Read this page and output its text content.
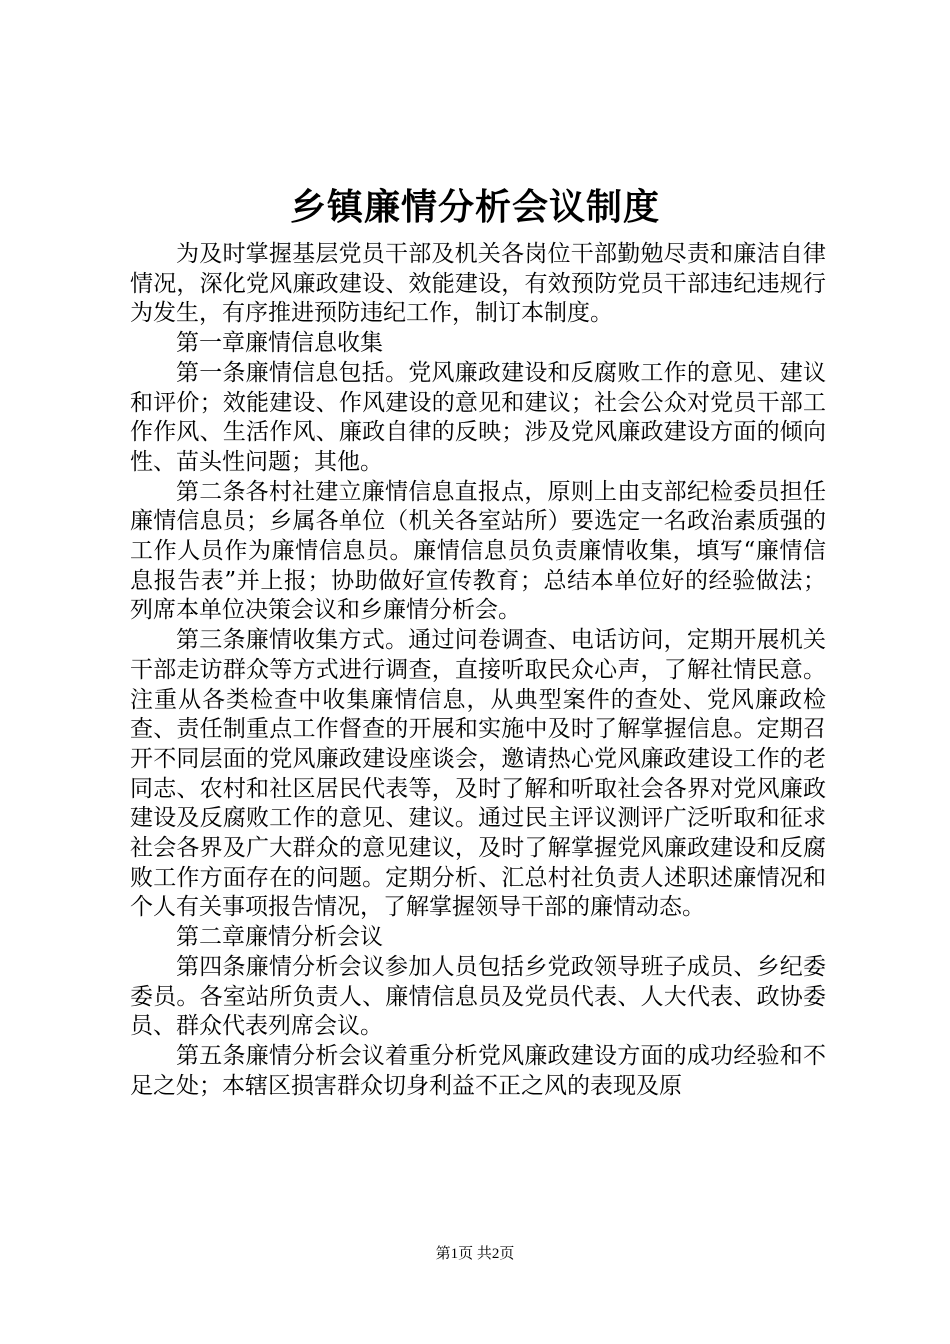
乡镇廉情分析会议制度

为及时掌握基层党员干部及机关各岗位干部勤勉尽责和廉洁自律情况，深化党风廉政建设、效能建设，有效预防党员干部违纪违规行为发生，有序推进预防违纪工作，制订本制度。

第一章廉情信息收集

第一条廉情信息包括。党风廉政建设和反腐败工作的意见、建议和评价；效能建设、作风建设的意见和建议；社会公众对党员干部工作作风、生活作风、廉政自律的反映；涉及党风廉政建设方面的倾向性、苗头性问题；其他。

第二条各村社建立廉情信息直报点，原则上由支部纪检委员担任廉情信息员；乡属各单位（机关各室站所）要选定一名政治素质强的工作人员作为廉情信息员。廉情信息员负责廉情收集，填写“廉情信息报告表”并上报；协助做好宣传教育；总结本单位好的经验做法；列席本单位决策会议和乡廉情分析会。

第三条廉情收集方式。通过问卷调查、电话访问，定期开展机关干部走访群众等方式进行调查，直接听取民众心声，了解社情民意。注重从各类检查中收集廉情信息，从典型案件的查处、党风廉政检查、责任制重点工作督查的开展和实施中及时了解掌握信息。定期召开不同层面的党风廉政建设座谈会，邀请热心党风廉政建设工作的老同志、农村和社区居民代表等，及时了解和听取社会各界对党风廉政建设及反腐败工作的意见、建议。通过民主评议测评广泛听取和征求社会各界及广大群众的意见建议，及时了解掌握党风廉政建设和反腐败工作方面存在的问题。定期分析、汇总村社负责人述职述廉情况和个人有关事项报告情况，了解掌握领导干部的廉情动态。

第二章廉情分析会议

第四条廉情分析会议参加人员包括乡党政领导班子成员、乡纪委委员。各室站所负责人、廉情信息员及党员代表、人大代表、政协委员、群众代表列席会议。

第五条廉情分析会议着重分析党风廉政建设方面的成功经验和不足之处；本辖区损害群众切身利益不正之风的表现及原

第1页 共2页
